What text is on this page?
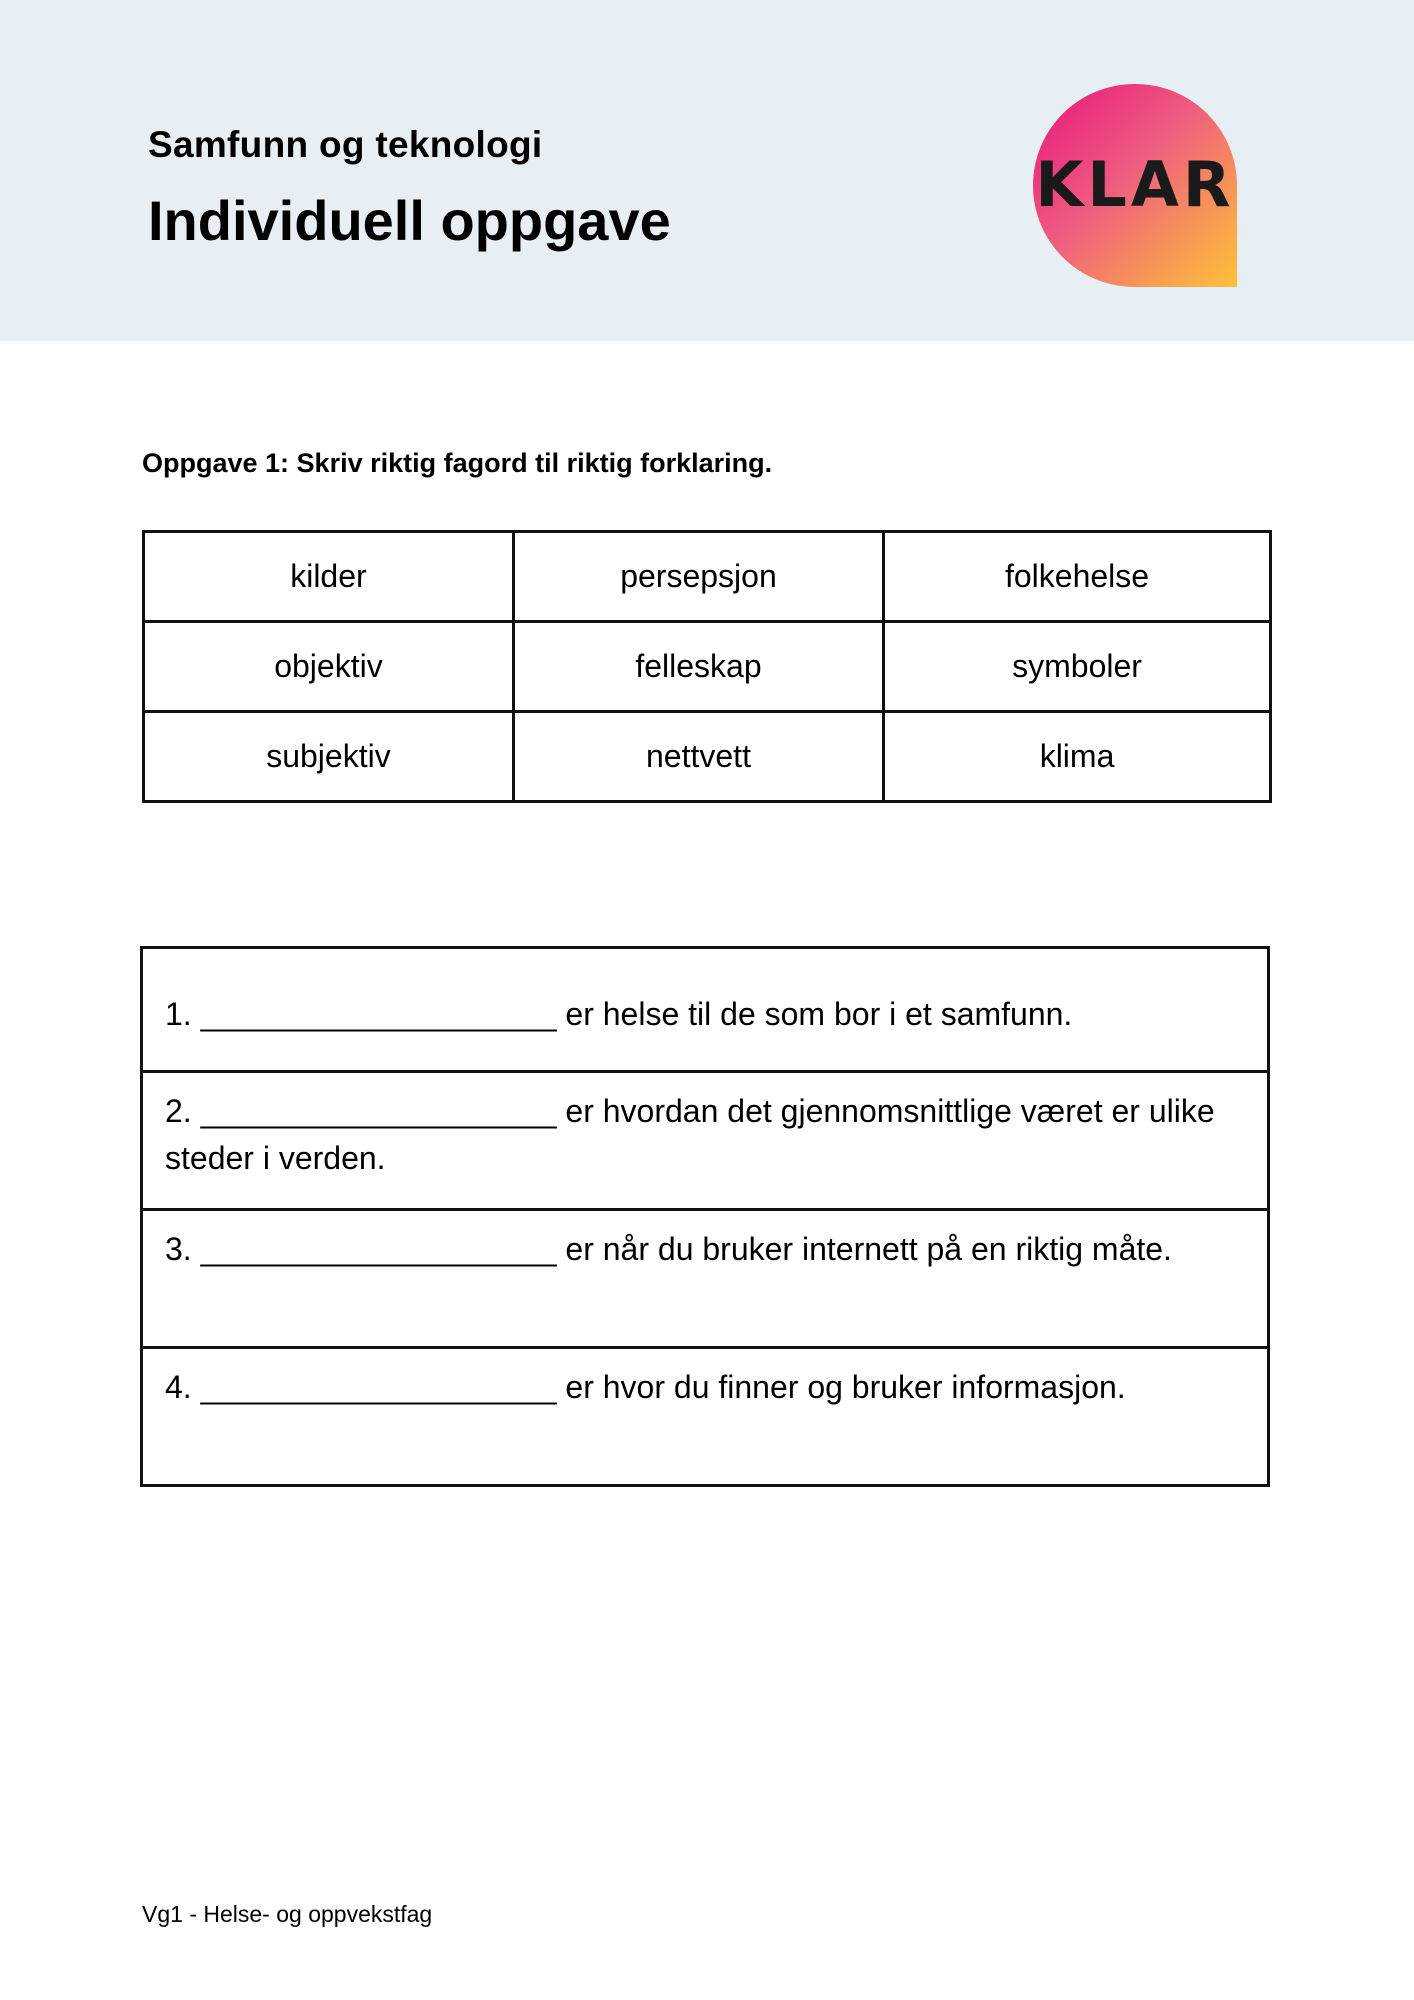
Samfunn og teknologi
Individuell oppgave	KLAR
Oppgave 1: Skriv riktig fagord til riktig forklaring.
kilder	persepsjon	folkehelse
objektiv	felleskap	symboler
subjektiv	nettvett	klima
1. ____________________ er helse til de som bor i et samfunn.
2. ____________________ er hvordan det gjennomsnittlige været er ulike steder i verden.
3. ____________________ er når du bruker internett på en riktig måte.
4. ____________________ er hvor du finner og bruker informasjon.
Vg1 - Helse- og oppvekstfag
